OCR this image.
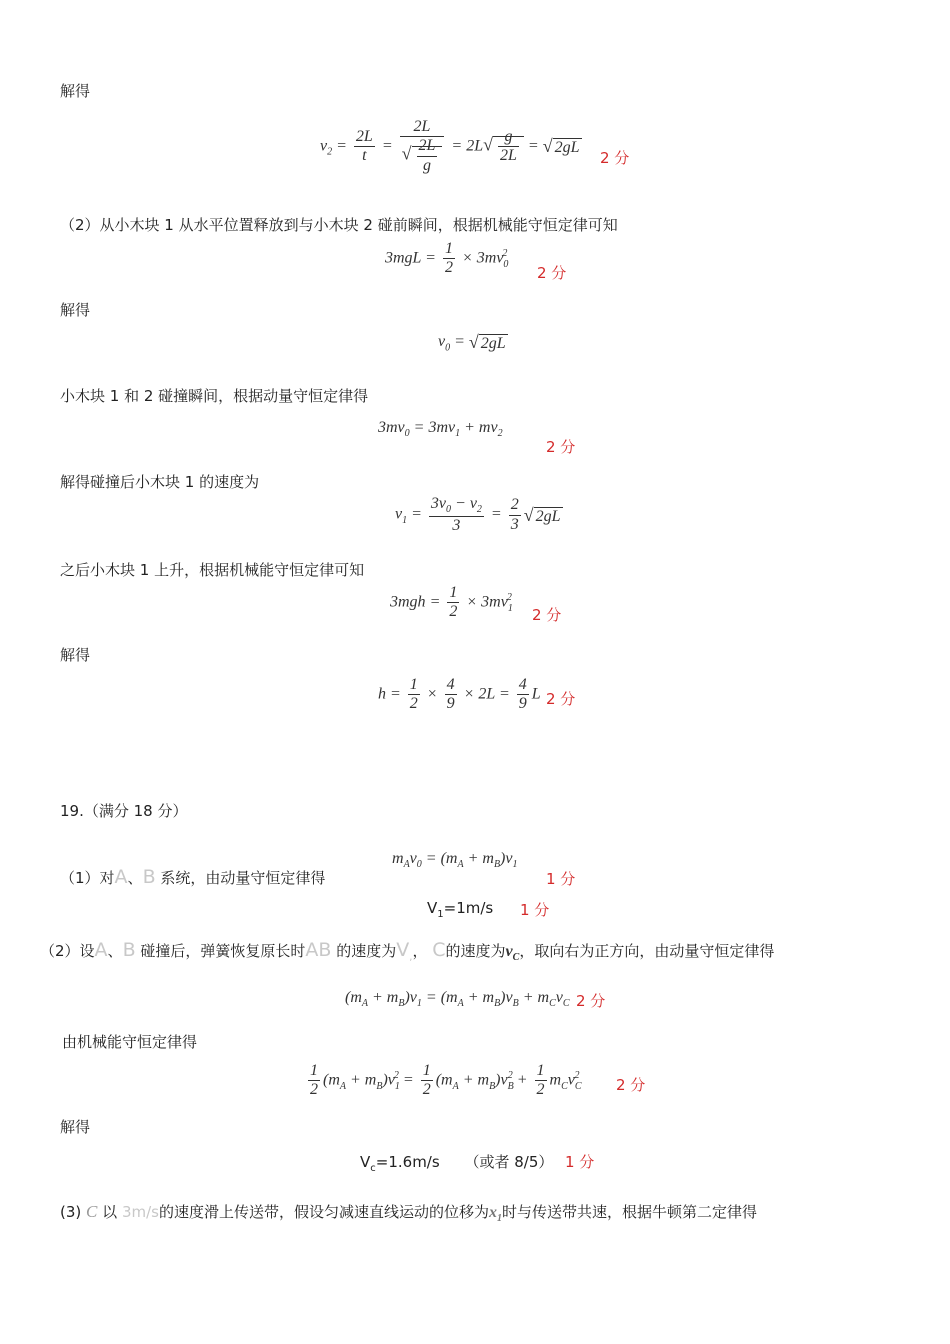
解得
$v_2 = \frac{2L}{t} = \frac{2L}{√ \frac{2L}{g}} = 2L√ \frac{g}{2L}$ = √ 2gL
2 分
（2）从小木块 1 从水平位置释放到与小木块 2 碰前瞬间，根据机械能守恒定律可知
$3mgL = \frac{1}{2} \times 3mv_0^2$
2 分
解得
$v_0$ = √ 2gL
小木块 1 和 2 碰撞瞬间，根据动量守恒定律得
$3mv_0 = 3mv_1 + mv_2$
2 分
解得碰撞后小木块 1 的速度为
$v_1 = \frac{3v_0 - v_2}{3} = \frac{2}{3}$ √ 2gL
之后小木块 1 上升，根据机械能守恒定律可知
$3mgh = \frac{1}{2} \times 3mv_1^2$
2 分
解得
$h = \frac{1}{2} \times \frac{4}{9} \times 2L = \frac{4}{9}$ L 2 分
19.（满分 18 分）
（1）对A、B 系统，由动量守恒定律得
$m_Av_0 = (m_A + m_B)v_1$
1 分
$V_1=1m/s$ 1 分
（2）设A、B 碰撞后，弹簧恢复原长时AB 的速度为$V_,$， C的速度为$v_C$，取向右为正方向，由动量守恒定律得
$(m_A + m_B)v_1 = (m_A + m_B)v_B + m_Cv_C$ 2 分
由机械能守恒定律得
$\frac{1}{2} (m_A + m_B)v_1^2 = \frac{1}{2} (m_A + m_B)v_B^2 + \frac{1}{2} m_Cv_C^2$
2 分
解得
$V_c=1.6m/s$ （或者 8/5） 1 分
(3) C 以 3m/s的速度滑上传送带，假设匀减速直线运动的位移为$x_1$时与传送带共速，根据牛顿第二定律得
